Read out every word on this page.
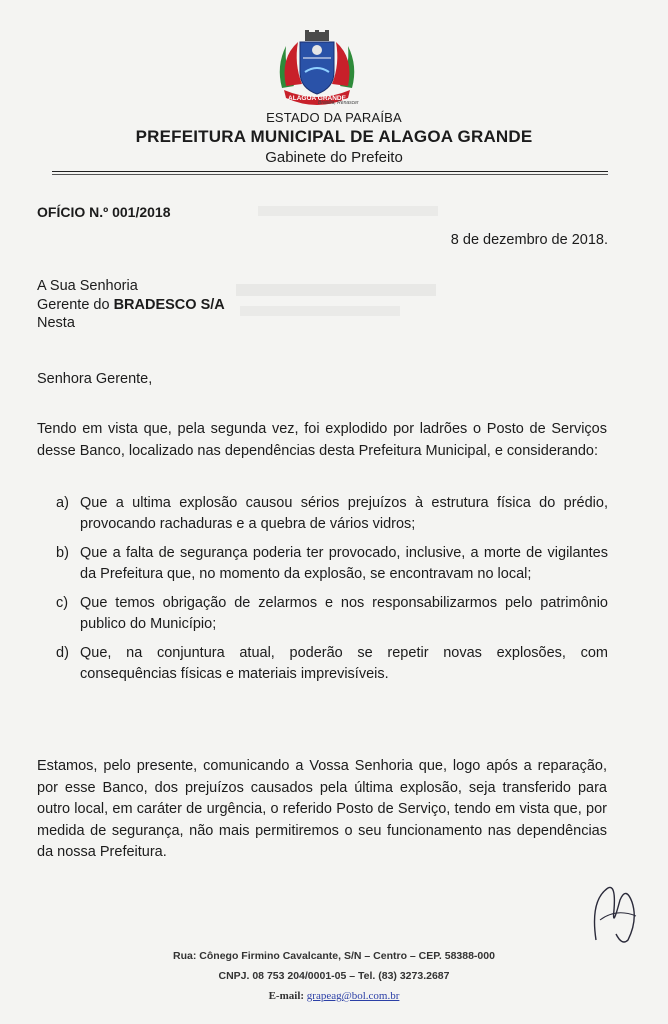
ALAGOA GRANDE
Brasilia, Renascer
ESTADO DA PARAÍBA
PREFEITURA MUNICIPAL DE ALAGOA GRANDE
Gabinete do Prefeito
OFÍCIO N.º 001/2018
8 de dezembro de 2018.
A Sua Senhoria
Gerente do BRADESCO S/A
Nesta
Senhora Gerente,
Tendo em vista que, pela segunda vez, foi explodido por ladrões o Posto de Serviços desse Banco, localizado nas dependências desta Prefeitura Municipal, e considerando:
a) Que a ultima explosão causou sérios prejuízos à estrutura física do prédio, provocando rachaduras e a quebra de vários vidros;
b) Que a falta de segurança poderia ter provocado, inclusive, a morte de vigilantes da Prefeitura que, no momento da explosão, se encontravam no local;
c) Que temos obrigação de zelarmos e nos responsabilizarmos pelo patrimônio publico do Município;
d) Que, na conjuntura atual, poderão se repetir novas explosões, com consequências físicas e materiais imprevisíveis.
Estamos, pelo presente, comunicando a Vossa Senhoria que, logo após a reparação, por esse Banco, dos prejuízos causados pela última explosão, seja transferido para outro local, em caráter de urgência, o referido Posto de Serviço, tendo em vista que, por medida de segurança, não mais permitiremos o seu funcionamento nas dependências da nossa Prefeitura.
Rua: Cônego Firmino Cavalcante, S/N – Centro – CEP. 58388-000
CNPJ. 08 753 204/0001-05 – Tel. (83) 3273.2687
E-mail: grapeag@bol.com.br
